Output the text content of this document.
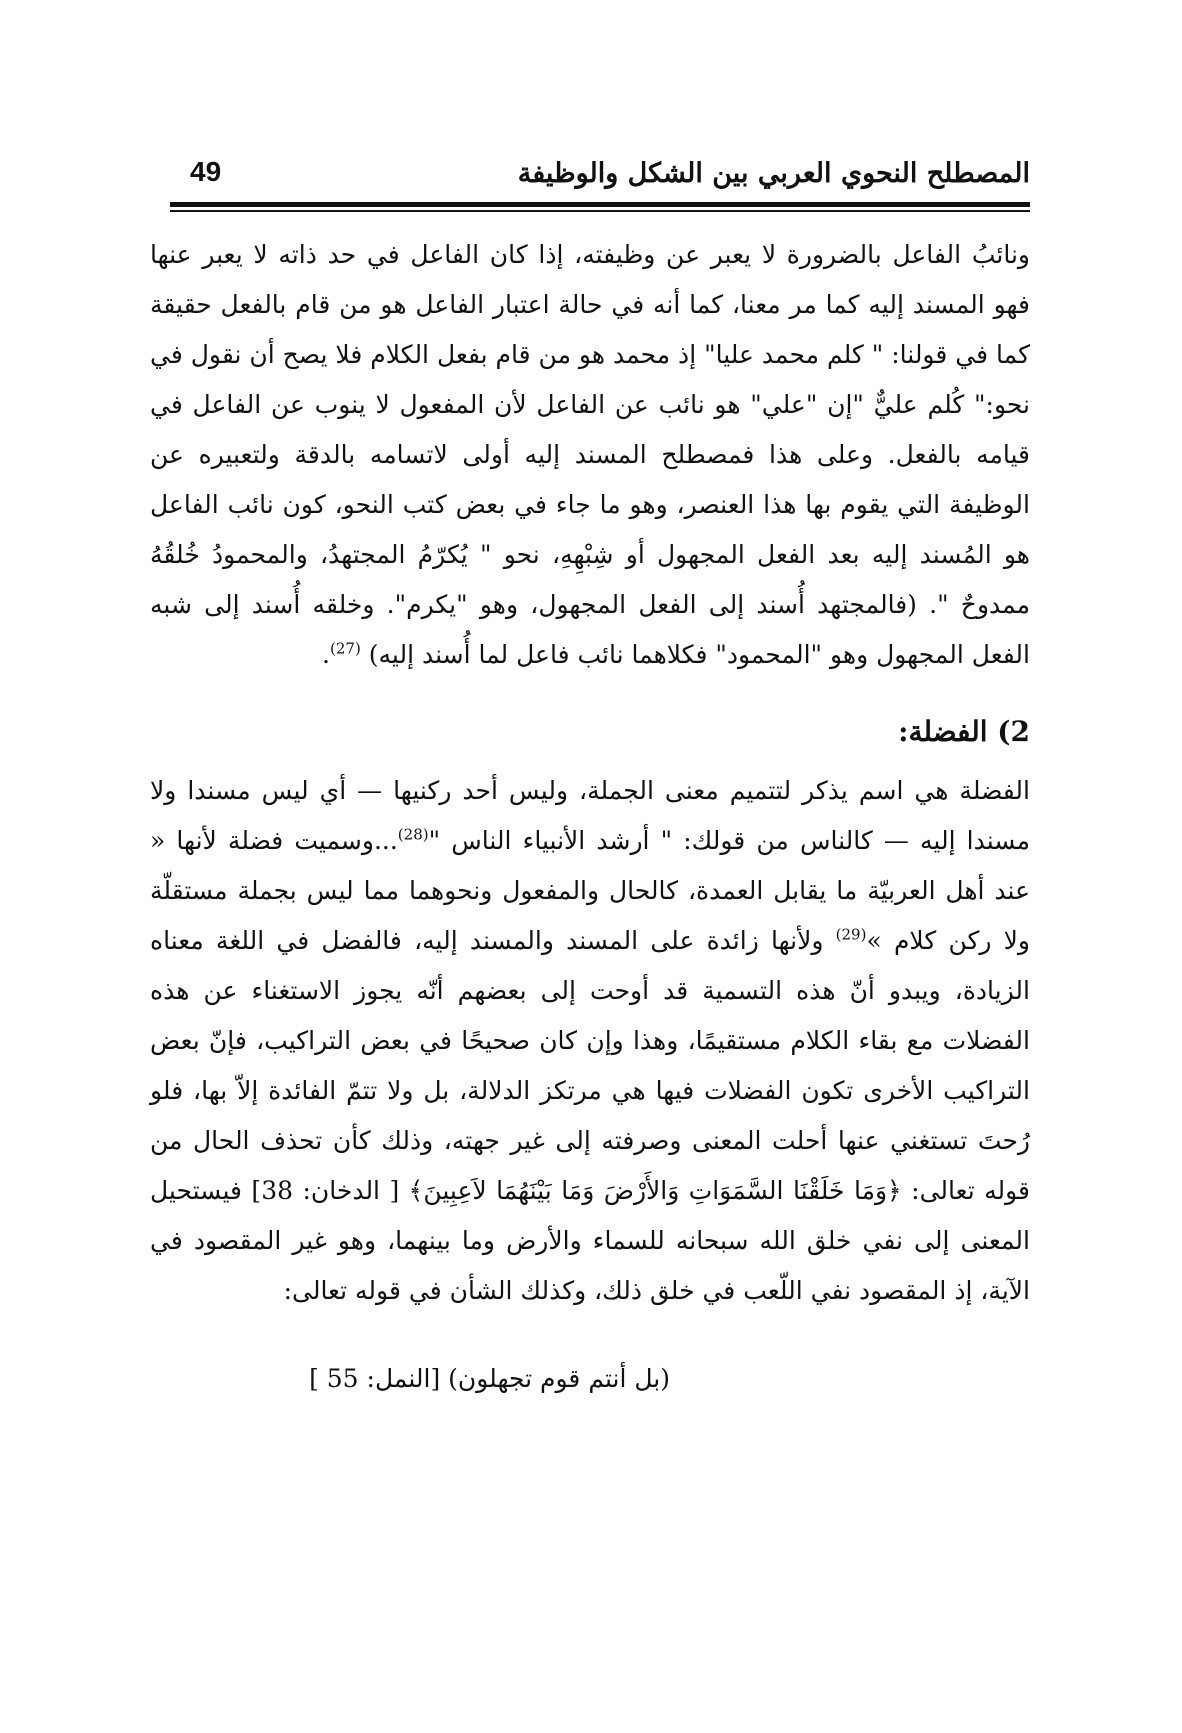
المصطلح النحوي العربي بين الشكل والوظيفة
49

ونائبُ الفاعل بالضرورة لا يعبر عن وظيفته، إذا كان الفاعل في حد ذاته لا يعبر عنها فهو المسند إليه كما مر معنا، كما أنه في حالة اعتبار الفاعل هو من قام بالفعل حقيقة كما في قولنا: " كلم محمد عليا" إذ محمد هو من قام بفعل الكلام فلا يصح أن نقول في نحو:" كُلم عليٌّ "إن "علي" هو نائب عن الفاعل لأن المفعول لا ينوب عن الفاعل في قيامه بالفعل. وعلى هذا فمصطلح المسند إليه أولى لاتسامه بالدقة ولتعبيره عن الوظيفة التي يقوم بها هذا العنصر، وهو ما جاء في بعض كتب النحو، كون نائب الفاعل هو المُسند إليه بعد الفعل المجهول أو شِبْهِهِ، نحو " يُكرّمُ المجتهدُ، والمحمودُ خُلقُهُ ممدوحٌ ". (فالمجتهد أُسند إلى الفعل المجهول، وهو "يكرم". وخلقه أُسند إلى شبه الفعل المجهول وهو "المحمود" فكلاهما نائب فاعل لما أُسند إليه) $^{(27)}$.

2) الفضلة:

الفضلة هي اسم يذكر لتتميم معنى الجملة، وليس أحد ركنيها — أي ليس مسندا ولا مسندا إليه — كالناس من قولك: " أرشد الأنبياء الناس "$^{(28)}$...وسميت فضلة لأنها « عند أهل العربيّة ما يقابل العمدة، كالحال والمفعول ونحوهما مما ليس بجملة مستقلّة ولا ركن كلام »$^{(29)}$ ولأنها زائدة على المسند والمسند إليه، فالفضل في اللغة معناه الزيادة، ويبدو أنّ هذه التسمية قد أوحت إلى بعضهم أنّه يجوز الاستغناء عن هذه الفضلات مع بقاء الكلام مستقيمًا، وهذا وإن كان صحيحًا في بعض التراكيب، فإنّ بعض التراكيب الأخرى تكون الفضلات فيها هي مرتكز الدلالة، بل ولا تتمّ الفائدة إلاّ بها، فلو رُحتَ تستغني عنها أحلت المعنى وصرفته إلى غير جهته، وذلك كأن تحذف الحال من قوله تعالى: ﴿وَمَا خَلَقْنَا السَّمَوَاتِ وَالأَرْضَ وَمَا بَيْنَهُمَا لاَعِبِينَ﴾ [ الدخان: 38] فيستحيل المعنى إلى نفي خلق الله سبحانه للسماء والأرض وما بينهما، وهو غير المقصود في الآية، إذ المقصود نفي اللّعب في خلق ذلك، وكذلك الشأن في قوله تعالى:

(بل أنتم قوم تجهلون) [النمل: 55 ]
